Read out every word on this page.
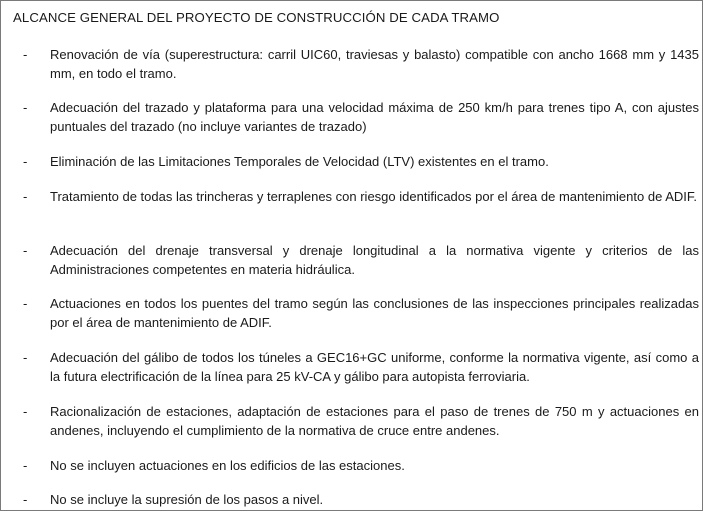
ALCANCE GENERAL DEL PROYECTO DE CONSTRUCCIÓN DE CADA TRAMO
- Renovación de vía (superestructura: carril UIC60, traviesas y balasto) compatible con ancho 1668 mm y 1435 mm, en todo el tramo.
- Adecuación del trazado y plataforma para una velocidad máxima de 250 km/h para trenes tipo A, con ajustes puntuales del trazado (no incluye variantes de trazado)
- Eliminación de las Limitaciones Temporales de Velocidad (LTV) existentes en el tramo.
- Tratamiento de todas las trincheras y terraplenes con riesgo identificados por el área de mantenimiento de ADIF.
- Adecuación del drenaje transversal y drenaje longitudinal a la normativa vigente y criterios de las Administraciones competentes en materia hidráulica.
- Actuaciones en todos los puentes del tramo según las conclusiones de las inspecciones principales realizadas por el área de mantenimiento de ADIF.
- Adecuación del gálibo de todos los túneles a GEC16+GC uniforme, conforme la normativa vigente, así como a la futura electrificación de la línea para 25 kV-CA y gálibo para autopista ferroviaria.
- Racionalización de estaciones, adaptación de estaciones para el paso de trenes de 750 m y actuaciones en andenes, incluyendo el cumplimiento de la normativa de cruce entre andenes.
- No se incluyen actuaciones en los edificios de las estaciones.
- No se incluye la supresión de los pasos a nivel.
